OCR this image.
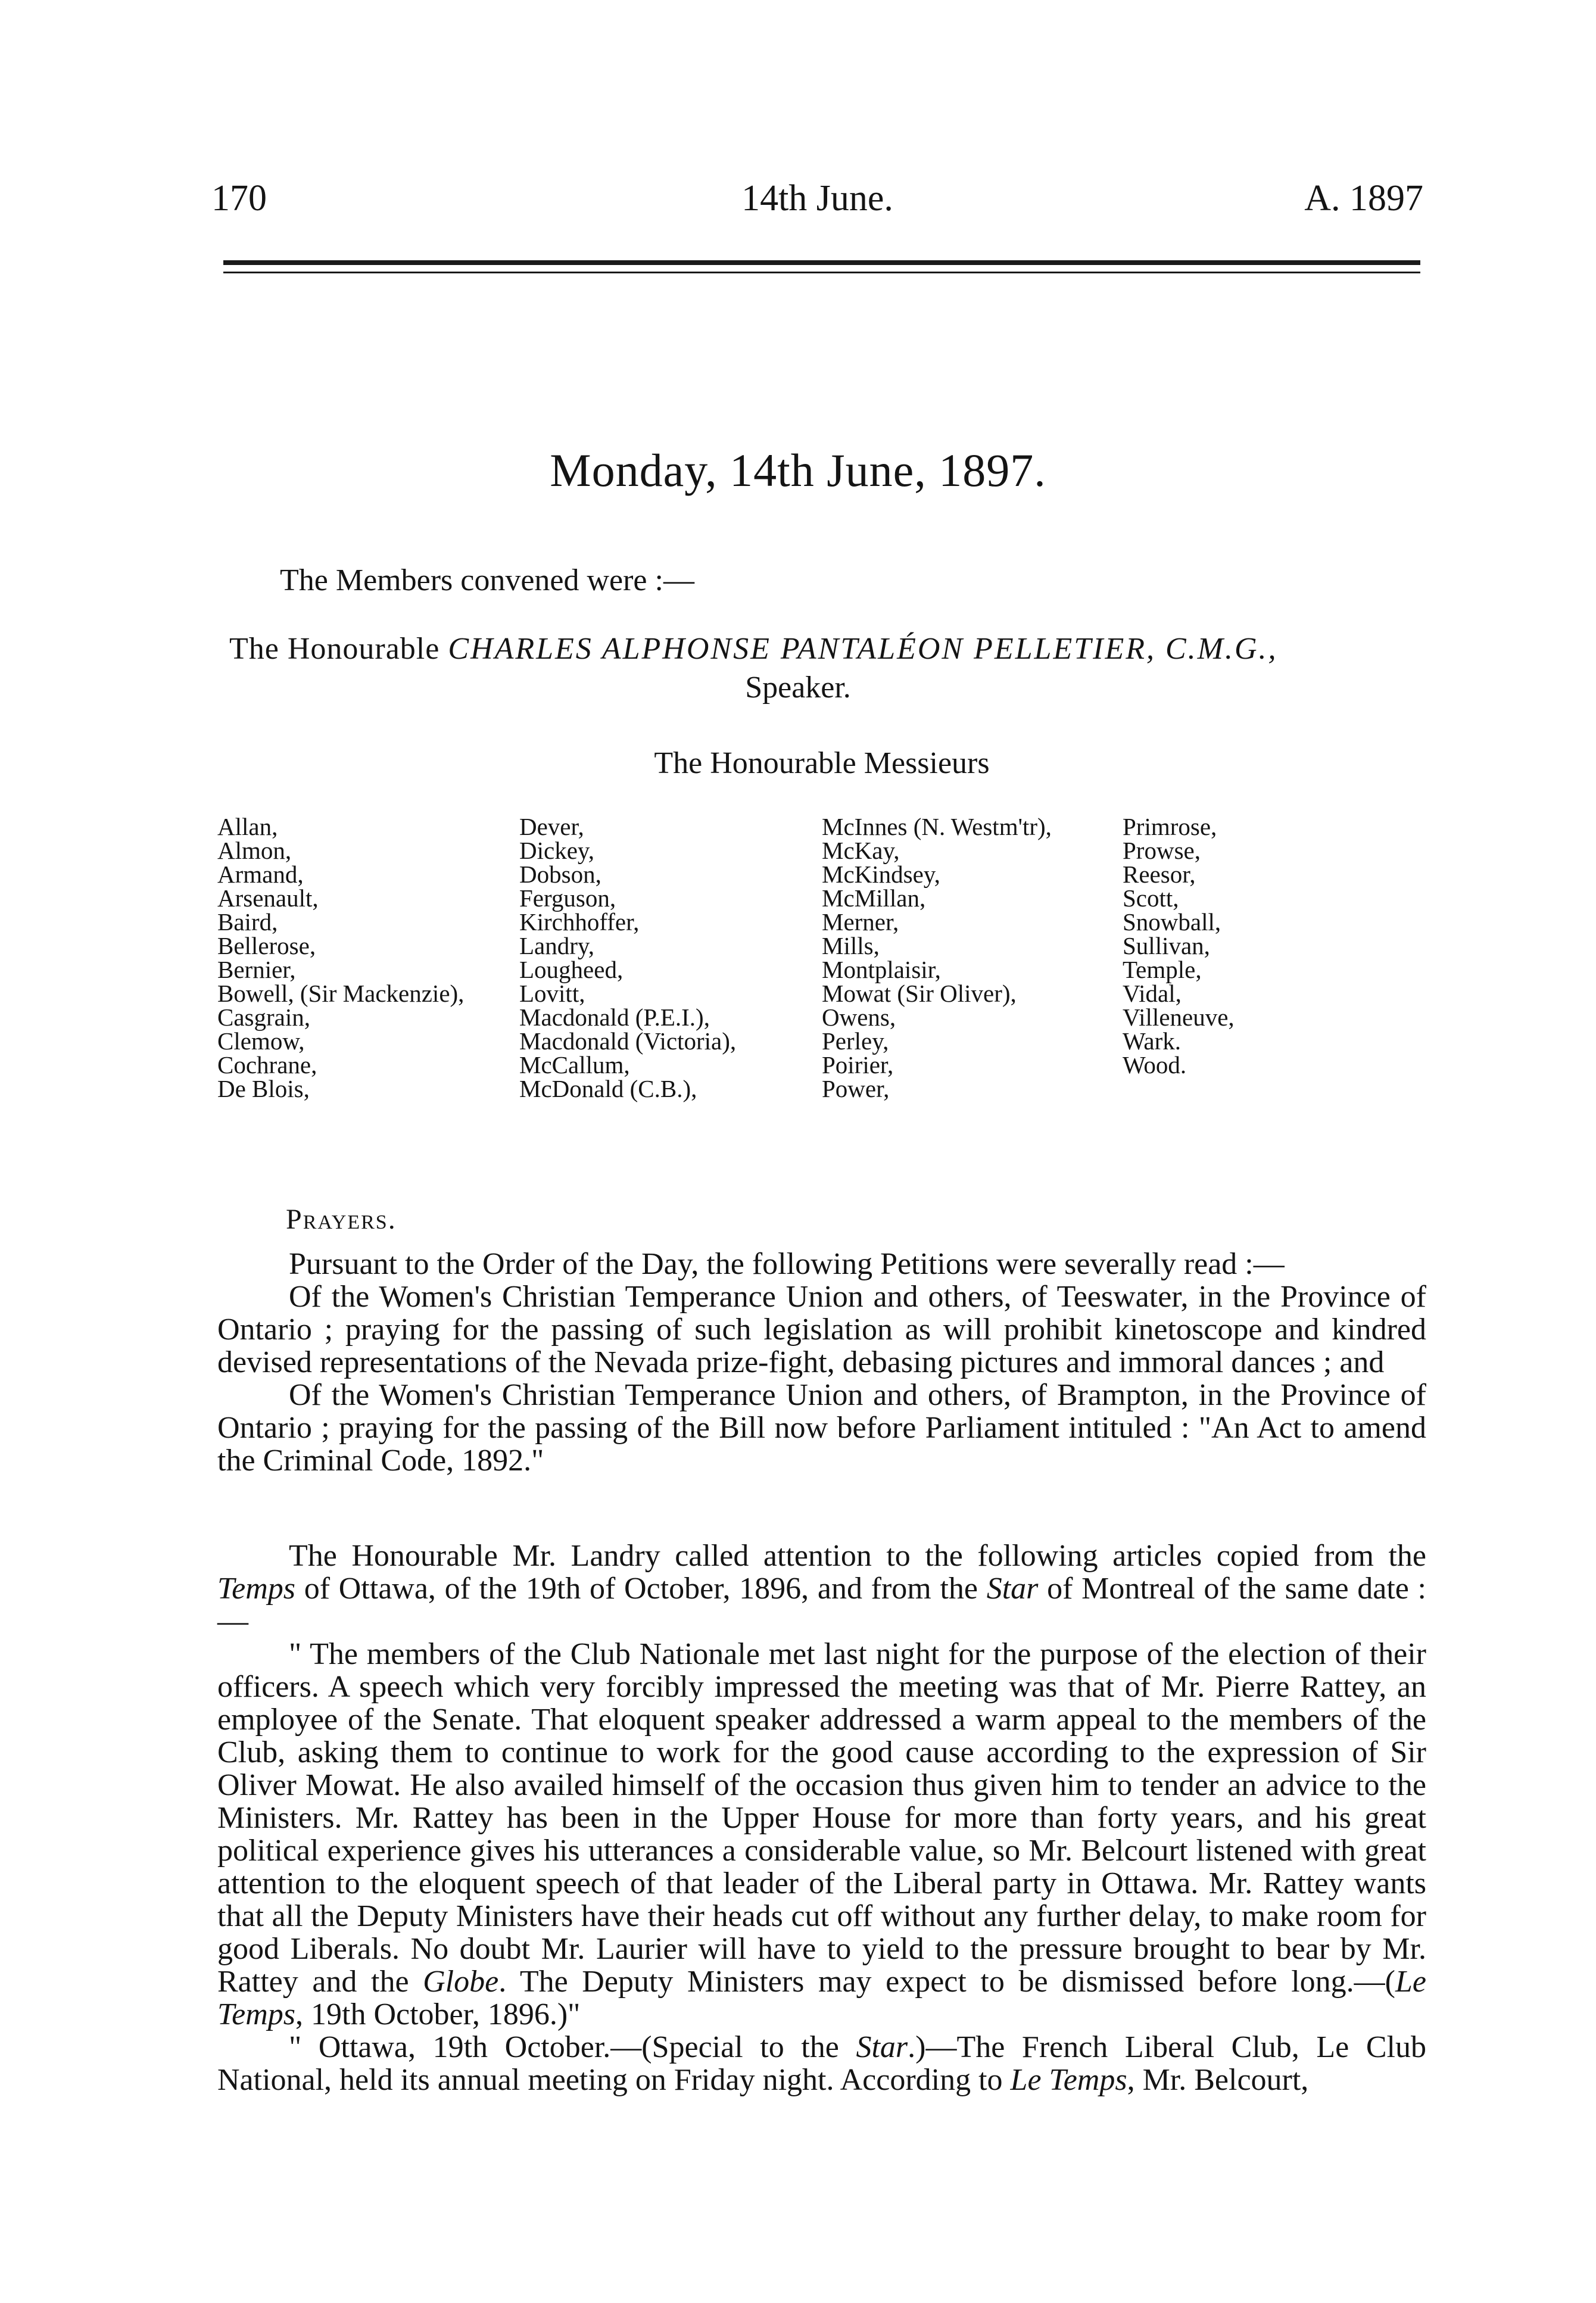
170	14th June.	A. 1897
Monday, 14th June, 1897.
The Members convened were :—
The Honourable CHARLES ALPHONSE PANTALÉON PELLETIER, C.M.G.,
Speaker.
The Honourable Messieurs
Allan,
Almon,
Armand,
Arsenault,
Baird,
Bellerose,
Bernier,
Bowell, (Sir Mackenzie),
Casgrain,
Clemow,
Cochrane,
De Blois,
Dever,
Dickey,
Dobson,
Ferguson,
Kirchhoffer,
Landry,
Lougheed,
Lovitt,
Macdonald (P.E.I.),
Macdonald (Victoria),
McCallum,
McDonald (C.B.),
McInnes (N. Westm'tr),
McKay,
McKindsey,
McMillan,
Merner,
Mills,
Montplaisir,
Mowat (Sir Oliver),
Owens,
Perley,
Poirier,
Power,
Primrose,
Prowse,
Reesor,
Scott,
Snowball,
Sullivan,
Temple,
Vidal,
Villeneuve,
Wark.
Wood.
Prayers.

Pursuant to the Order of the Day, the following Petitions were severally read :—

Of the Women's Christian Temperance Union and others, of Teeswater, in the Province of Ontario ; praying for the passing of such legislation as will prohibit kinetoscope and kindred devised representations of the Nevada prize-fight, debasing pictures and immoral dances ; and

Of the Women's Christian Temperance Union and others, of Brampton, in the Province of Ontario ; praying for the passing of the Bill now before Parliament intituled : "An Act to amend the Criminal Code, 1892."

The Honourable Mr. Landry called attention to the following articles copied from the Temps of Ottawa, of the 19th of October, 1896, and from the Star of Montreal of the same date :—

" The members of the Club Nationale met last night for the purpose of the election of their officers. A speech which very forcibly impressed the meeting was that of Mr. Pierre Rattey, an employee of the Senate. That eloquent speaker addressed a warm appeal to the members of the Club, asking them to continue to work for the good cause according to the expression of Sir Oliver Mowat. He also availed himself of the occasion thus given him to tender an advice to the Ministers. Mr. Rattey has been in the Upper House for more than forty years, and his great political experience gives his utterances a considerable value, so Mr. Belcourt listened with great attention to the eloquent speech of that leader of the Liberal party in Ottawa. Mr. Rattey wants that all the Deputy Ministers have their heads cut off without any further delay, to make room for good Liberals. No doubt Mr. Laurier will have to yield to the pressure brought to bear by Mr. Rattey and the Globe. The Deputy Ministers may expect to be dismissed before long.—(Le Temps, 19th October, 1896.)"

" Ottawa, 19th October.—(Special to the Star.)—The French Liberal Club, Le Club National, held its annual meeting on Friday night. According to Le Temps, Mr. Belcourt,
